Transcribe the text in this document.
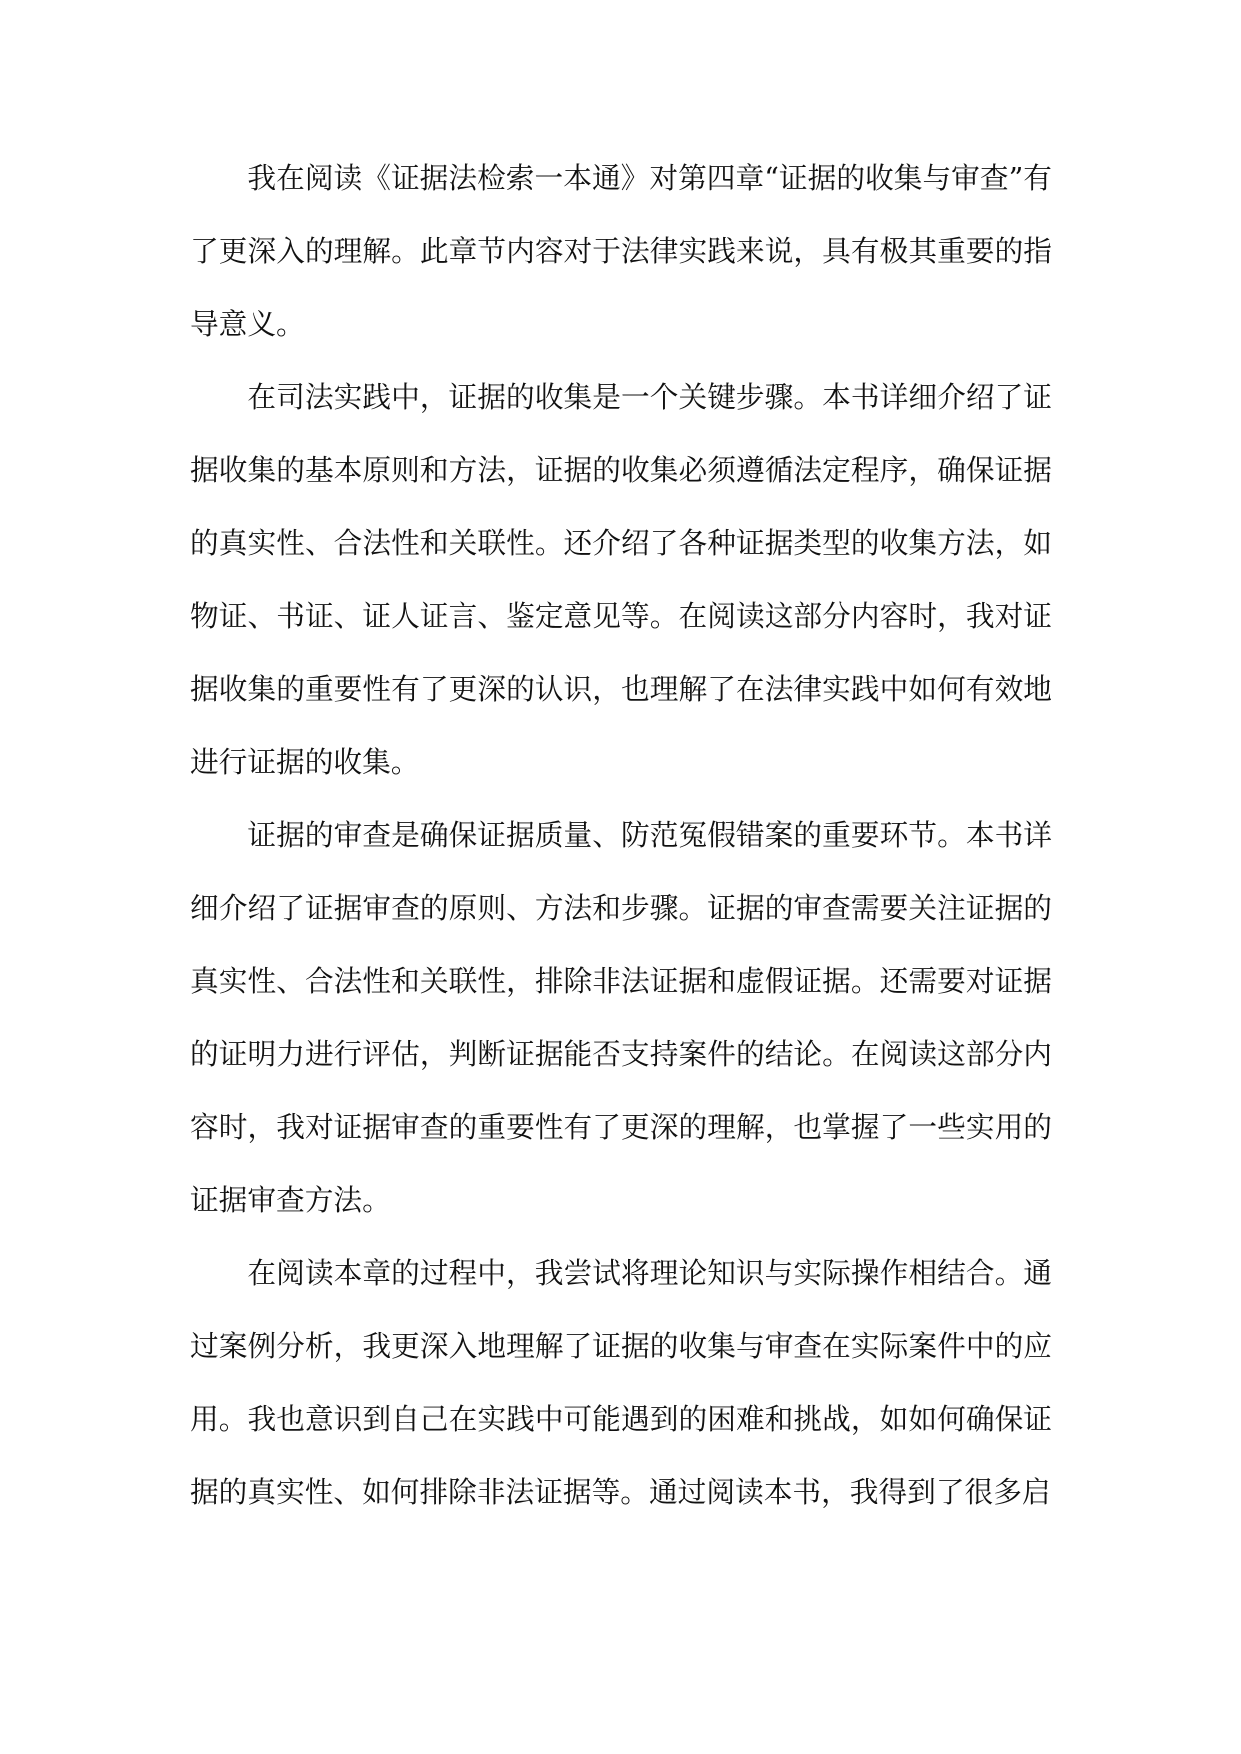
我在阅读《证据法检索一本通》对第四章“证据的收集与审查”有了更深入的理解。此章节内容对于法律实践来说，具有极其重要的指导意义。

在司法实践中，证据的收集是一个关键步骤。本书详细介绍了证据收集的基本原则和方法，证据的收集必须遵循法定程序，确保证据的真实性、合法性和关联性。还介绍了各种证据类型的收集方法，如物证、书证、证人证言、鉴定意见等。在阅读这部分内容时，我对证据收集的重要性有了更深的认识，也理解了在法律实践中如何有效地进行证据的收集。

证据的审查是确保证据质量、防范冤假错案的重要环节。本书详细介绍了证据审查的原则、方法和步骤。证据的审查需要关注证据的真实性、合法性和关联性，排除非法证据和虚假证据。还需要对证据的证明力进行评估，判断证据能否支持案件的结论。在阅读这部分内容时，我对证据审查的重要性有了更深的理解，也掌握了一些实用的证据审查方法。

在阅读本章的过程中，我尝试将理论知识与实际操作相结合。通过案例分析，我更深入地理解了证据的收集与审查在实际案件中的应用。我也意识到自己在实践中可能遇到的困难和挑战，如如何确保证据的真实性、如何排除非法证据等。通过阅读本书，我得到了很多启
